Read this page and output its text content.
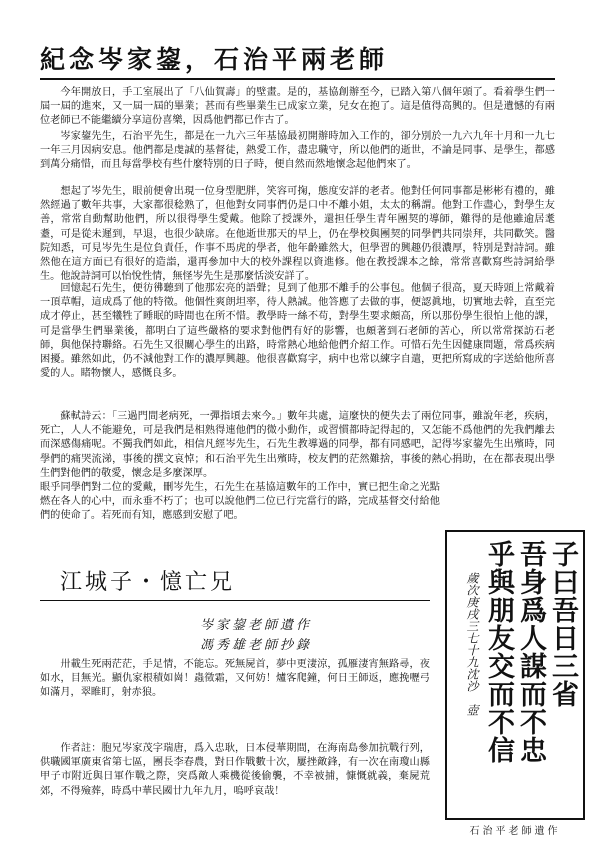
紀念岑家鋆，石治平兩老師

今年開放日，手工室展出了「八仙賀壽」的壁畫。是的，基協創辦至今，已踏入第八個年頭了。看着學生們一屆一屆的進來，又一屆一屆的畢業；甚而有些畢業生已成家立業，兒女在抱了。這是值得高興的。但是遺憾的有兩位老師已不能繼續分享這份喜樂，因爲他們都已作古了。

岑家鋆先生，石治平先生，都是在一九六三年基協最初開辦時加入工作的，卻分別於一九六九年十月和一九七一年三月因病安息。他們都是虔誠的基督徒，熱愛工作，盡忠職守，所以他們的逝世，不論是同事、是學生，都感到萬分痛惜，而且每當學校有些什麼特別的日子時，便自然而然地懷念起他們來了。

想起了岑先生，眼前便會出現一位身型肥胖，笑容可掬，態度安詳的老者。他對任何同事都是彬彬有禮的，雖然經過了數年共事，大家都很稔熟了，但他對女同事們仍是口中不離小姐，太太的稱謂。他對工作盡心，對學生友善，常常自動幫助他們，所以很得學生愛戴。他除了授課外，還担任學生青年團契的導師，難得的是他雖逾居耄耋，可是從未遲到，早退，也很少缺席。在他逝世那天的早上，仍在學校與團契的同學們共同崇拜，共同歡笑。醫院知悉，可見岑先生是位負責任，作事不馬虎的學者，他年齡雖然大，但學習的興趣仍很濃厚，特別是對詩詞。雖然他在這方面已有很好的造詣，還再參加中大的校外課程以資進修。他在教授課本之餘，常常喜歡寫些詩詞給學生。他說詩詞可以怡悅性情，無怪岑先生是那麼恬淡安詳了。

回憶起石先生，便彷彿聽到了他那宏亮的語聲；見到了他那不離手的公事包。他個子很高，夏天時頭上常戴着一頂草帽，這成爲了他的特徵。他個性爽朗坦率，待人熱誠。他答應了去做的事，便認眞地，切實地去幹，直至完成才停止，甚至犧牲了睡眠的時間也在所不惜。教學時一絲不苟，對學生要求頗高，所以那份學生很怕上他的課，可是當學生們畢業後，都明白了這些嚴格的要求對他們有好的影響，也頗著到石老師的苦心，所以常常探訪石老師，與他保持聯絡。石先生又很關心學生的出路，時常熱心地給他們介紹工作。可惜石先生因健康問題，常爲疾病困擾。雖然如此，仍不減他對工作的濃厚興趣。他很喜歡寫字，病中也常以練字自遣，更把所寫成的字送給他所喜愛的人。睹物懷人，感慨良多。

蘇軾詩云：「三過門間老病死，一彈指頃去來今。」數年共處，這麼快的便失去了兩位同事，雖說年老，疾病，死亡，人人不能避免，可是我們是相熟得連他們的微小動作，或習慣都時記得起的，又怎能不爲他們的先我們離去而深感傷痛呢。不獨我們如此，相信凡經岑先生，石先生教導過的同學，都有同感吧，記得岑家鋆先生出殯時，同學們的痛哭流涕，事後的撰文哀悼；和石治平先生出殯時，校友們的茫然難捨，事後的熱心捐助，在在都表現出學生們對他們的敬愛，懷念是多麼深厚。

眼乎同學們對二位的愛戴，刪岑先生，石先生在基協這數年的工作中，實已把生命之光點燃在各人的心中，而永垂不朽了；也可以說他們二位已行完當行的路，完成基督交付給他們的使命了。若死而有知，應感到安慰了吧。

江城子・憶亡兄
岑家鋆老師遺作
馮秀雄老師抄錄

卅載生死兩茫茫，手足情，不能忘。死無屍首，夢中更淒涼，孤雁淒宵無路尋，夜如水，目無光。顯仇家根積如崗！蟲徵霜，又何妨！爐客爬鐘，何日王師返，應挽嚦弓如滿月，翠睢盯，射赤狼。

作者註：胞兄岑家茂字瑞唐，爲入忠耿，日本侵華期間，在海南島參加抗戰行列，供職國軍廣東省第七區，團長李春農，對日作戰數十次，屢挫敵鋒，有一次在南瓊山縣甲子市附近與日軍作戰之際，突爲敵人乘機從後偷襲，不幸被捕，慷慨就義，棄屍荒郊，不得殮葬，時爲中華民國廿九年九月，嗚呼哀哉！

子曰吾日三省
吾身爲人謀而不忠
乎與朋友交而不信
歲次庚戌三七十九沈沙　壺
石治平老師遺作
